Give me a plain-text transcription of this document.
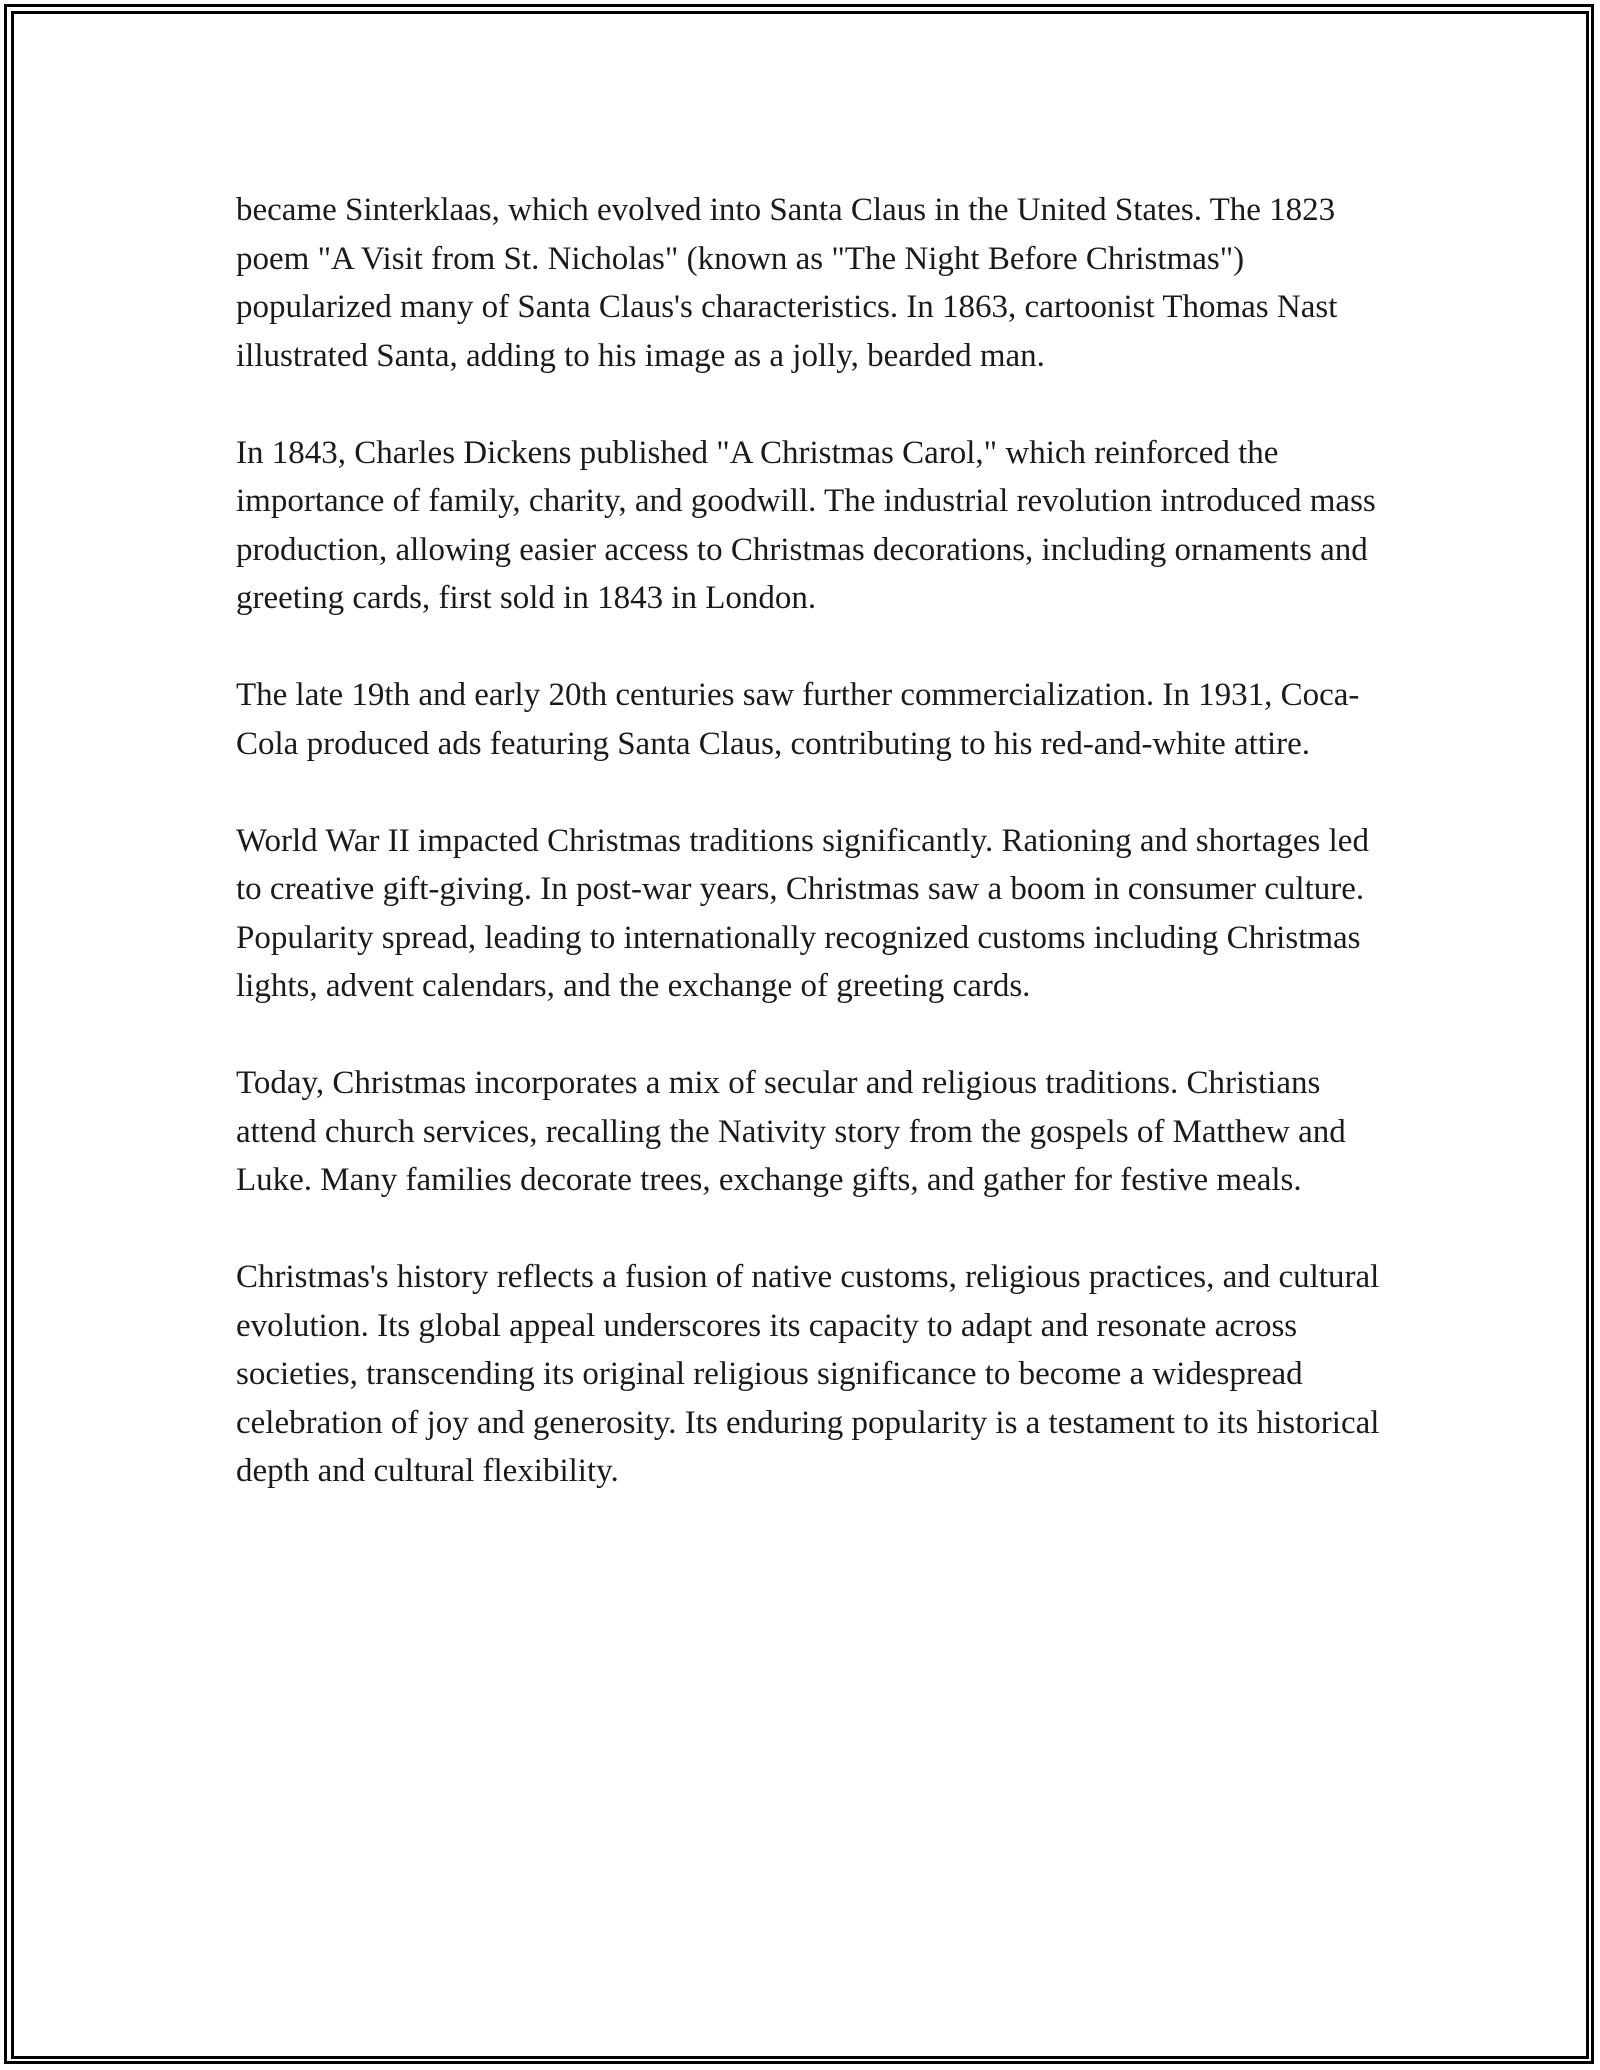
became Sinterklaas, which evolved into Santa Claus in the United States. The 1823 poem "A Visit from St. Nicholas" (known as "The Night Before Christmas") popularized many of Santa Claus's characteristics. In 1863, cartoonist Thomas Nast illustrated Santa, adding to his image as a jolly, bearded man.

In 1843, Charles Dickens published "A Christmas Carol," which reinforced the importance of family, charity, and goodwill. The industrial revolution introduced mass production, allowing easier access to Christmas decorations, including ornaments and greeting cards, first sold in 1843 in London.

The late 19th and early 20th centuries saw further commercialization. In 1931, Coca-Cola produced ads featuring Santa Claus, contributing to his red-and-white attire.

World War II impacted Christmas traditions significantly. Rationing and shortages led to creative gift-giving. In post-war years, Christmas saw a boom in consumer culture. Popularity spread, leading to internationally recognized customs including Christmas lights, advent calendars, and the exchange of greeting cards.

Today, Christmas incorporates a mix of secular and religious traditions. Christians attend church services, recalling the Nativity story from the gospels of Matthew and Luke. Many families decorate trees, exchange gifts, and gather for festive meals.

Christmas's history reflects a fusion of native customs, religious practices, and cultural evolution. Its global appeal underscores its capacity to adapt and resonate across societies, transcending its original religious significance to become a widespread celebration of joy and generosity. Its enduring popularity is a testament to its historical depth and cultural flexibility.
